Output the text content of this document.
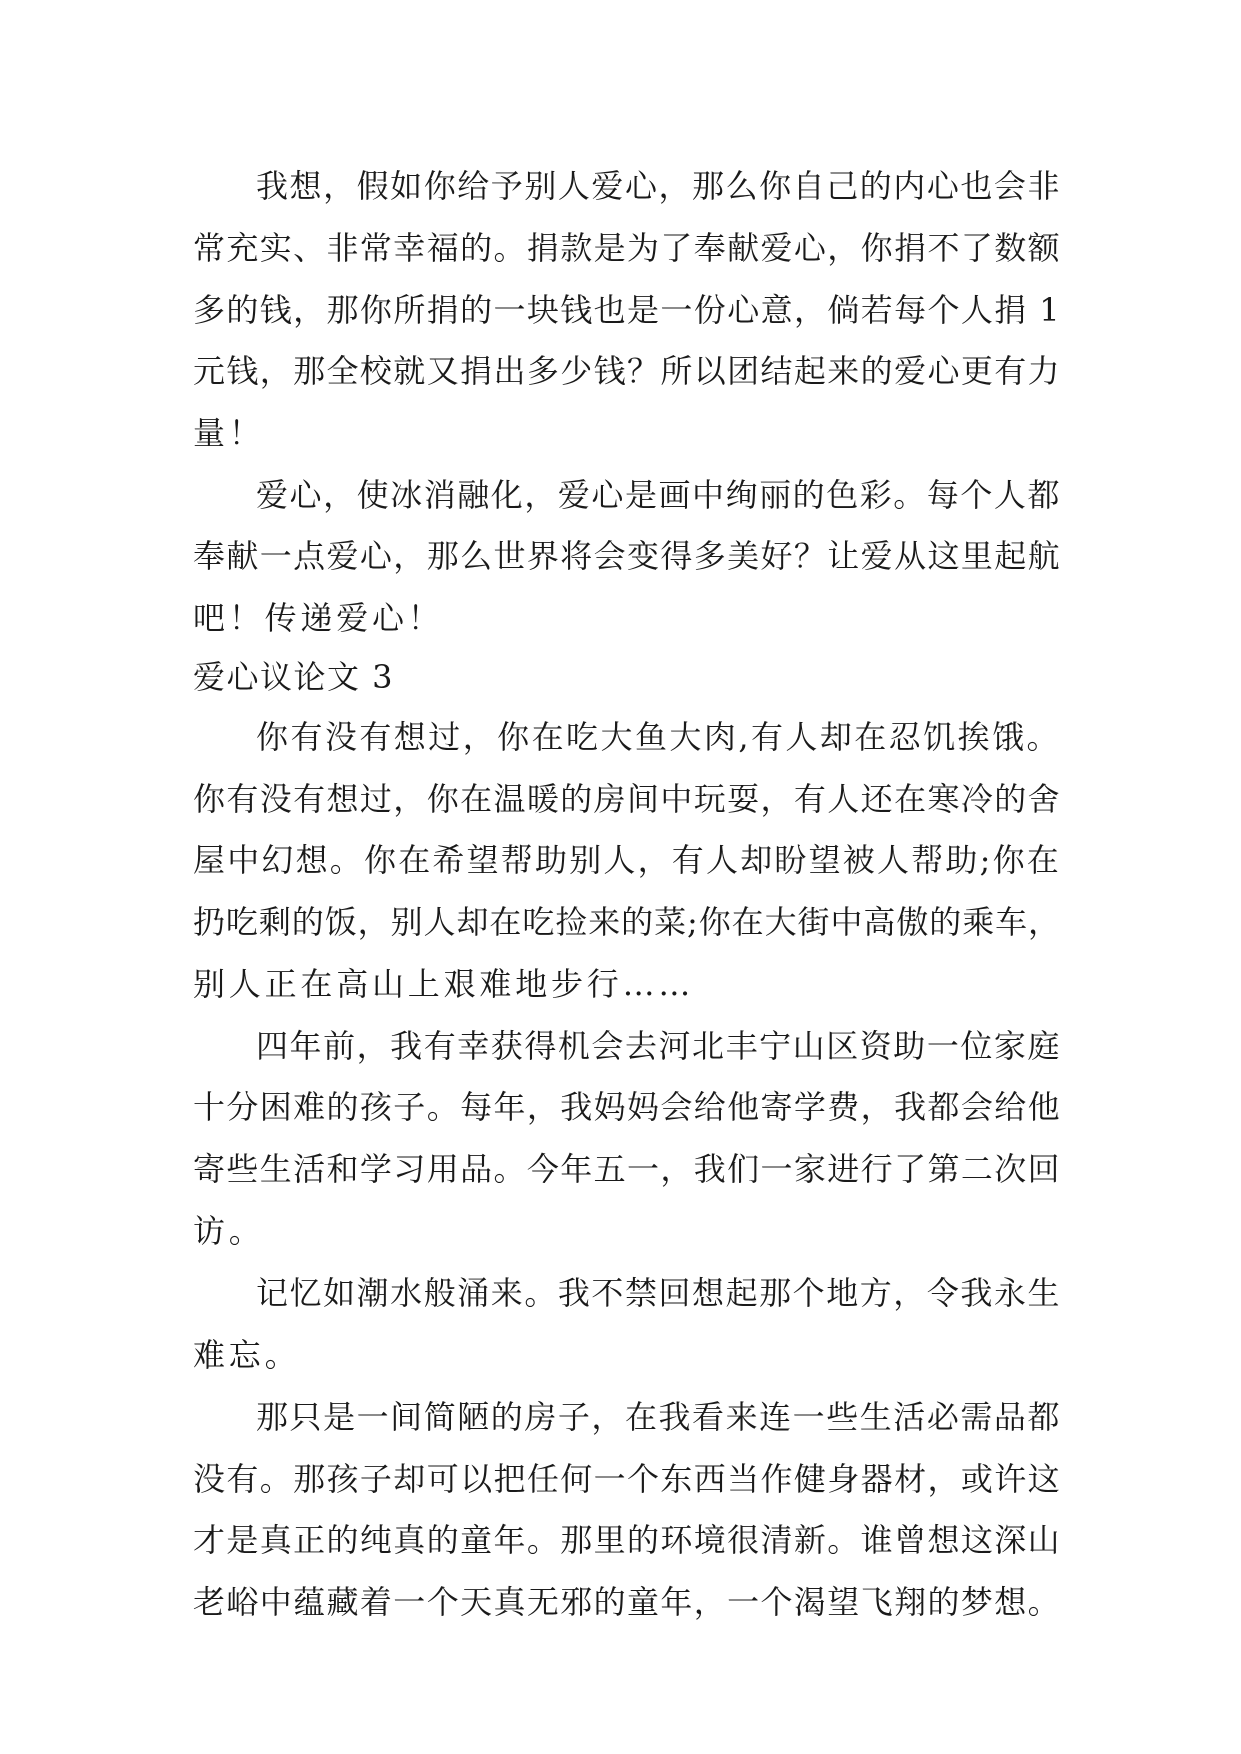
我想，假如你给予别人爱心，那么你自己的内心也会非
常充实、非常幸福的。捐款是为了奉献爱心，你捐不了数额
多的钱，那你所捐的一块钱也是一份心意，倘若每个人捐 1
元钱，那全校就又捐出多少钱？所以团结起来的爱心更有力
量！
爱心，使冰消融化，爱心是画中绚丽的色彩。每个人都
奉献一点爱心，那么世界将会变得多美好？让爱从这里起航
吧！传递爱心！
爱心议论文 3
你有没有想过，你在吃大鱼大肉,有人却在忍饥挨饿。
你有没有想过，你在温暖的房间中玩耍，有人还在寒冷的舍
屋中幻想。你在希望帮助别人，有人却盼望被人帮助;你在
扔吃剩的饭，别人却在吃捡来的菜;你在大街中高傲的乘车，
别人正在高山上艰难地步行……
四年前，我有幸获得机会去河北丰宁山区资助一位家庭
十分困难的孩子。每年，我妈妈会给他寄学费，我都会给他
寄些生活和学习用品。今年五一，我们一家进行了第二次回
访。
记忆如潮水般涌来。我不禁回想起那个地方，令我永生
难忘。
那只是一间简陋的房子，在我看来连一些生活必需品都
没有。那孩子却可以把任何一个东西当作健身器材，或许这
才是真正的纯真的童年。那里的环境很清新。谁曾想这深山
老峪中蕴藏着一个天真无邪的童年，一个渴望飞翔的梦想。
